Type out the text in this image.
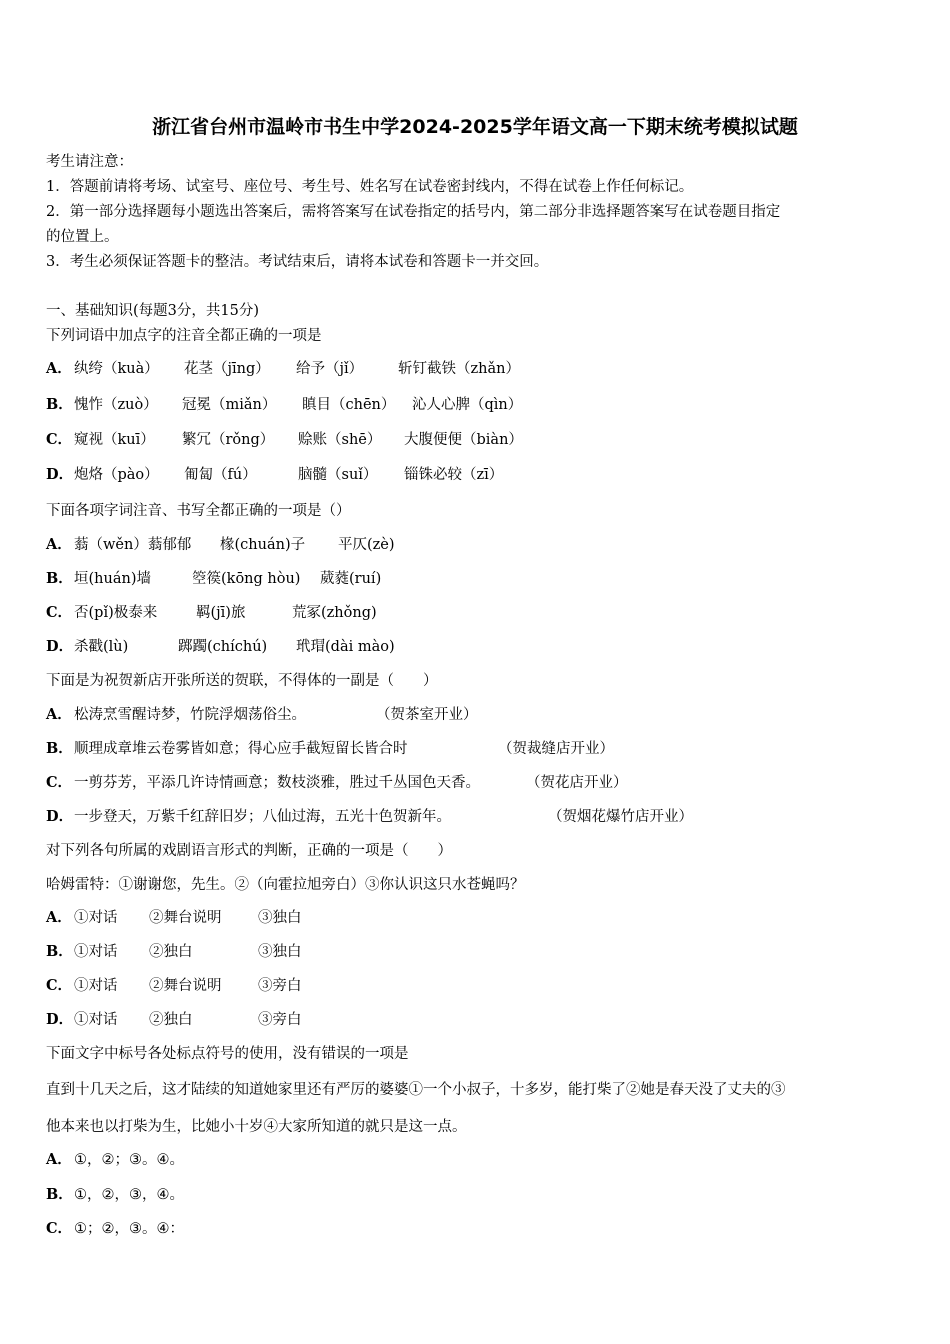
浙江省台州市温岭市书生中学2024-2025学年语文高一下期末统考模拟试题
考生请注意：
1．答题前请将考场、试室号、座位号、考生号、姓名写在试卷密封线内，不得在试卷上作任何标记。
2．第一部分选择题每小题选出答案后，需将答案写在试卷指定的括号内，第二部分非选择题答案写在试卷题目指定
的位置上。
3．考生必须保证答题卡的整洁。考试结束后，请将本试卷和答题卡一并交回。
一、基础知识(每题3分，共15分)
下列词语中加点字的注音全都正确的一项是
A． 纨绔（kuà） 花茎（jīng） 给予（jǐ） 斩钉截铁（zhǎn）
B． 愧怍（zuò） 冠冕（miǎn） 瞋目（chēn） 沁人心脾（qìn）
C． 窥视（kuī） 繁冗（rǒng） 赊账（shē） 大腹便便（biàn）
D． 炮烙（pào） 匍匐（fú）	脑髓（suǐ） 锱铢必较（zī）
下面各项字词注音、书写全都正确的一项是（）
A． 蓊（wěn）蓊郁郁 椽(chuán)子 平仄(zè)
B． 垣(huán)墙	箜篌(kōng hòu) 葳蕤(ruí)
C． 否(pǐ)极泰来	羁(jī)旅	荒冢(zhǒng)
D． 杀戳(lù)	踯躅(chíchú) 玳瑁(dài mào)
下面是为祝贺新店开张所送的贺联，不得体的一副是（　　）
A． 松涛烹雪醒诗梦，竹院浮烟荡俗尘。	（贺茶室开业）
B． 顺理成章堆云卷雾皆如意；得心应手截短留长皆合时	（贺裁缝店开业）
C． 一剪芬芳，平添几许诗情画意；数枝淡雅，胜过千丛国色天香。	（贺花店开业）
D． 一步登天，万紫千红辞旧岁；八仙过海，五光十色贺新年。	（贺烟花爆竹店开业）
对下列各句所属的戏剧语言形式的判断，正确的一项是（　　）
哈姆雷特：①谢谢您，先生。②（向霍拉旭旁白）③你认识这只水苍蝇吗？
A． ①对话 ②舞台说明	③独白
B． ①对话 ②独白	③独白
C． ①对话 ②舞台说明	③旁白
D． ①对话 ②独白	③旁白
下面文字中标号各处标点符号的使用，没有错误的一项是
直到十几天之后，这才陆续的知道她家里还有严厉的婆婆①一个小叔子，十多岁，能打柴了②她是春天没了丈夫的③
他本来也以打柴为生，比她小十岁④大家所知道的就只是这一点。
A． ①，②；③。④。
B． ①，②，③，④。
C． ①；②，③。④：
